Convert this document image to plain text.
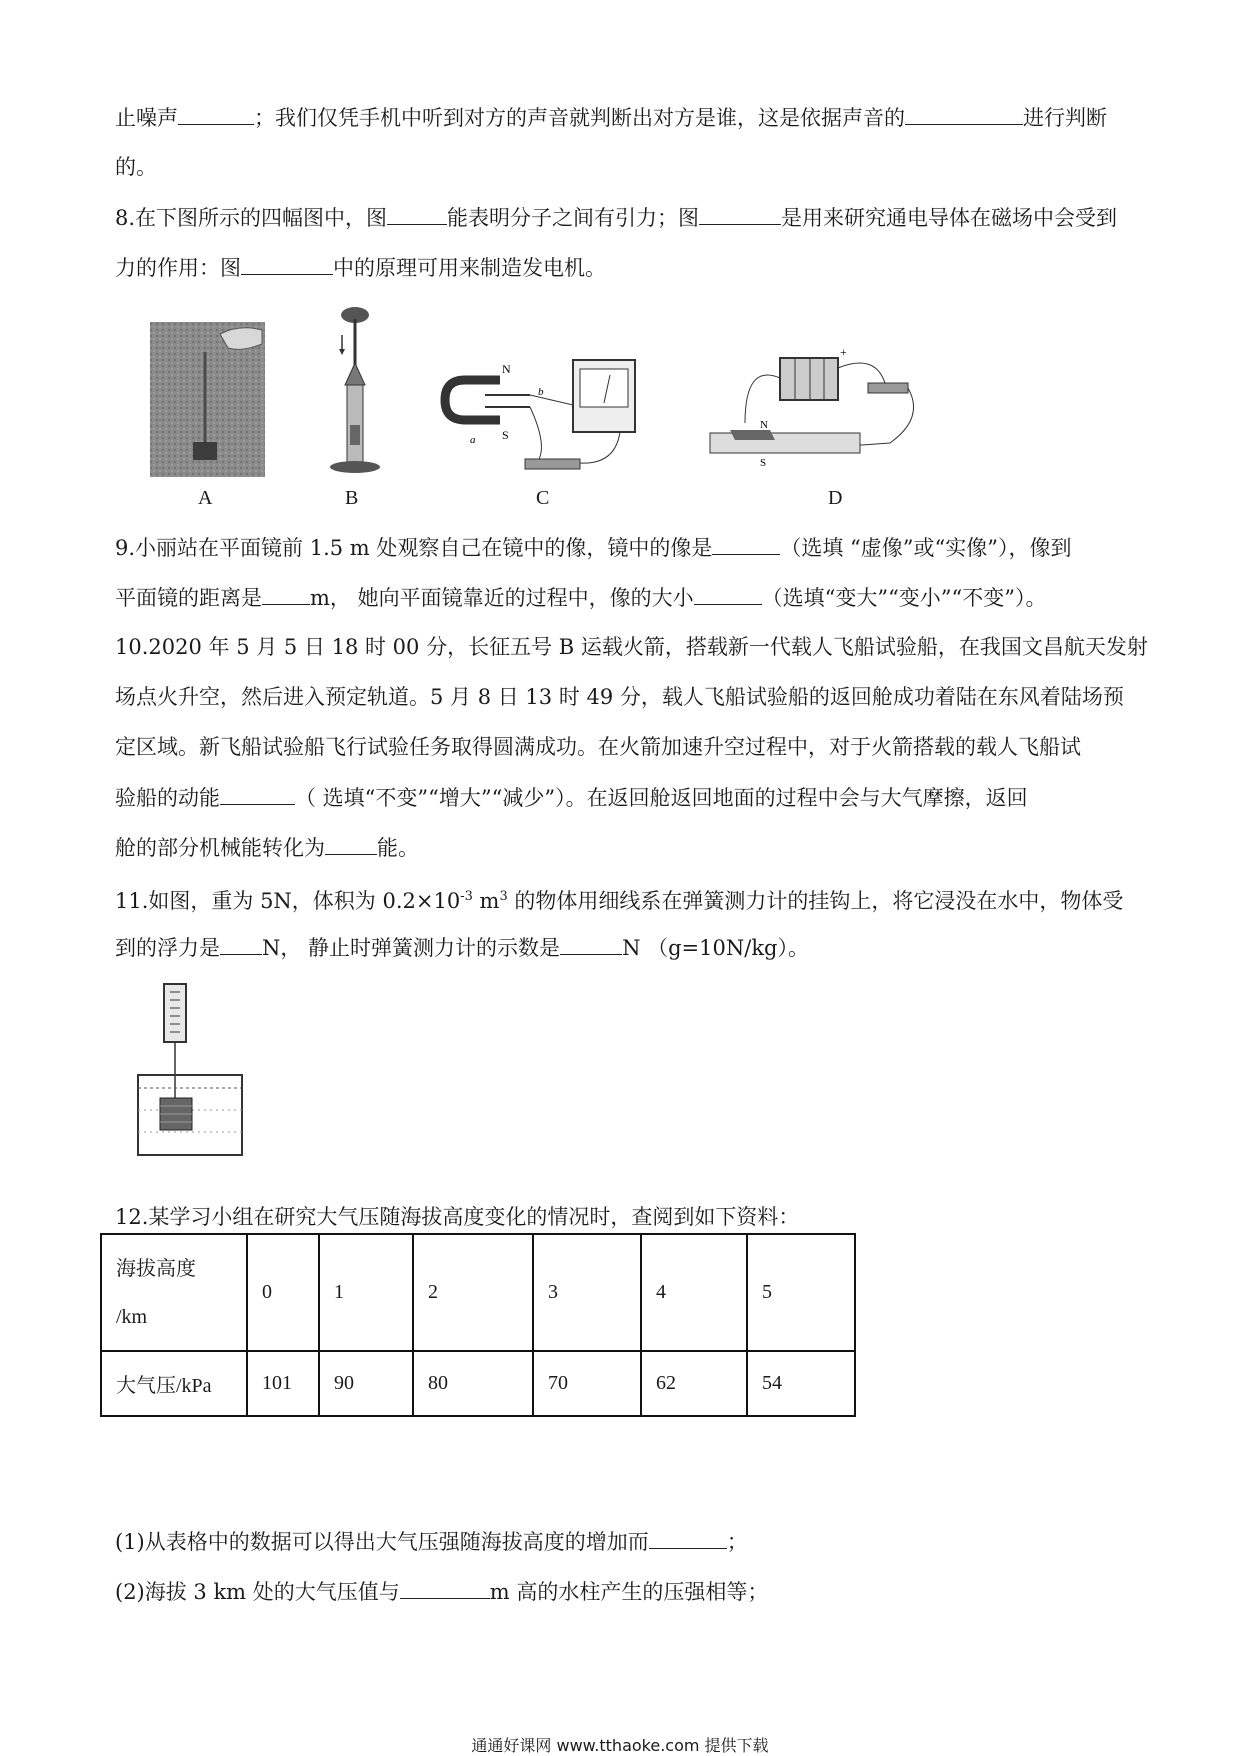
止噪声	；我们仅凭手机中听到对方的声音就判断出对方是谁，这是依据声音的	进行判断
的。
8.在下图所示的四幅图中，图	能表明分子之间有引力；图	是用来研究通电导体在磁场中会受到
力的作用：图	中的原理可用来制造发电机。
A	B
N
S
a
b
C
+
N
S
D
9.小丽站在平面镜前 1.5 m 处观察自己在镜中的像，镜中的像是	（选填 “虚像”或“实像”），像到
平面镜的距离是 m， 她向平面镜靠近的过程中，像的大小	（选填“变大”“变小”“不变”）。
10.2020 年 5 月 5 日 18 时 00 分，长征五号 B 运载火箭，搭载新一代载人飞船试验船，在我国文昌航天发射
场点火升空，然后进入预定轨道。5 月 8 日 13 时 49 分，载人飞船试验船的返回舱成功着陆在东风着陆场预
定区域。新飞船试验船飞行试验任务取得圆满成功。在火箭加速升空过程中，对于火箭搭载的载人飞船试
验船的动能	（ 选填“不变”“增大”“减少”）。在返回舱返回地面的过程中会与大气摩擦，返回
舱的部分机械能转化为 能。
11.如图，重为 5N，体积为 $0.2\times 10^{-3}$ $m^3$ 的物体用细线系在弹簧测力计的挂钩上，将它浸没在水中，物体受
到的浮力是 N， 静止时弹簧测力计的示数是	N （g=10N/kg）。
12.某学习小组在研究大气压随海拔高度变化的情况时，查阅到如下资料：
海拔高度
/km	0	1	2	3	4	5
大气压/kPa	101	90	80	70	62	54
(1)从表格中的数据可以得出大气压强随海拔高度的增加而	；
(2)海拔 3 km 处的大气压值与	m 高的水柱产生的压强相等；
通通好课网 www.tthaoke.com 提供下载
